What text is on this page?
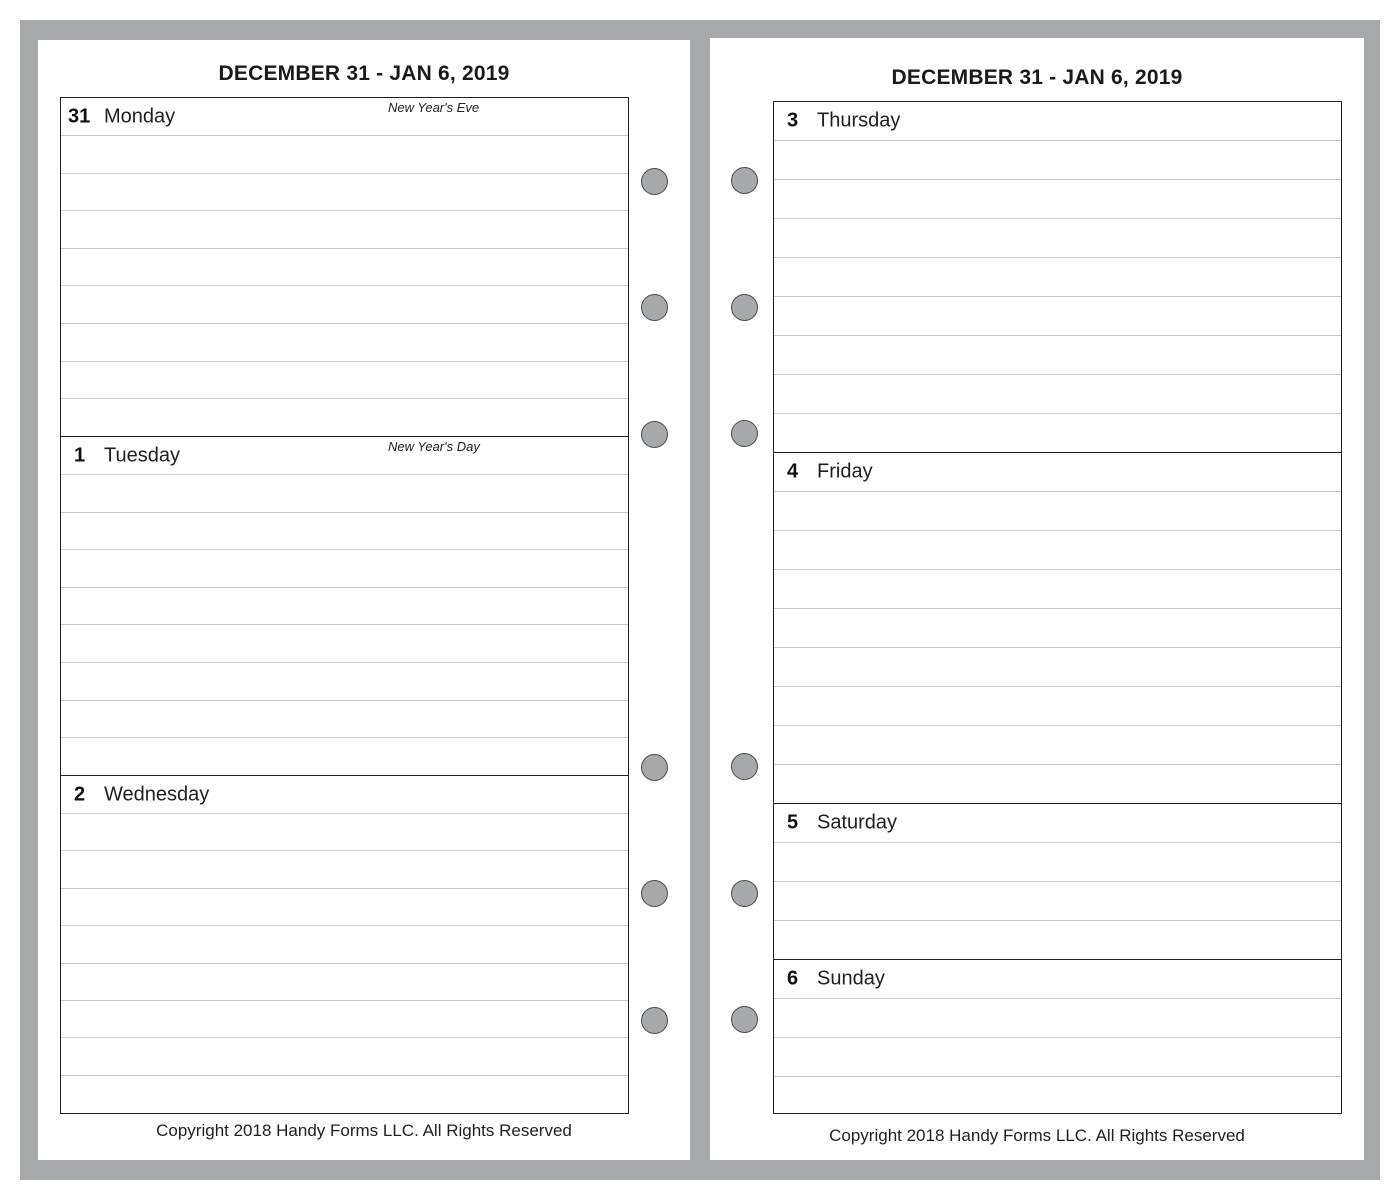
DECEMBER 31 - JAN 6, 2019
31 Monday	New Year's Eve
1 Tuesday	New Year's Day
2 Wednesday
Copyright 2018 Handy Forms LLC. All Rights Reserved
DECEMBER 31 - JAN 6, 2019
3 Thursday
4 Friday
5 Saturday
6 Sunday
Copyright 2018 Handy Forms LLC. All Rights Reserved
